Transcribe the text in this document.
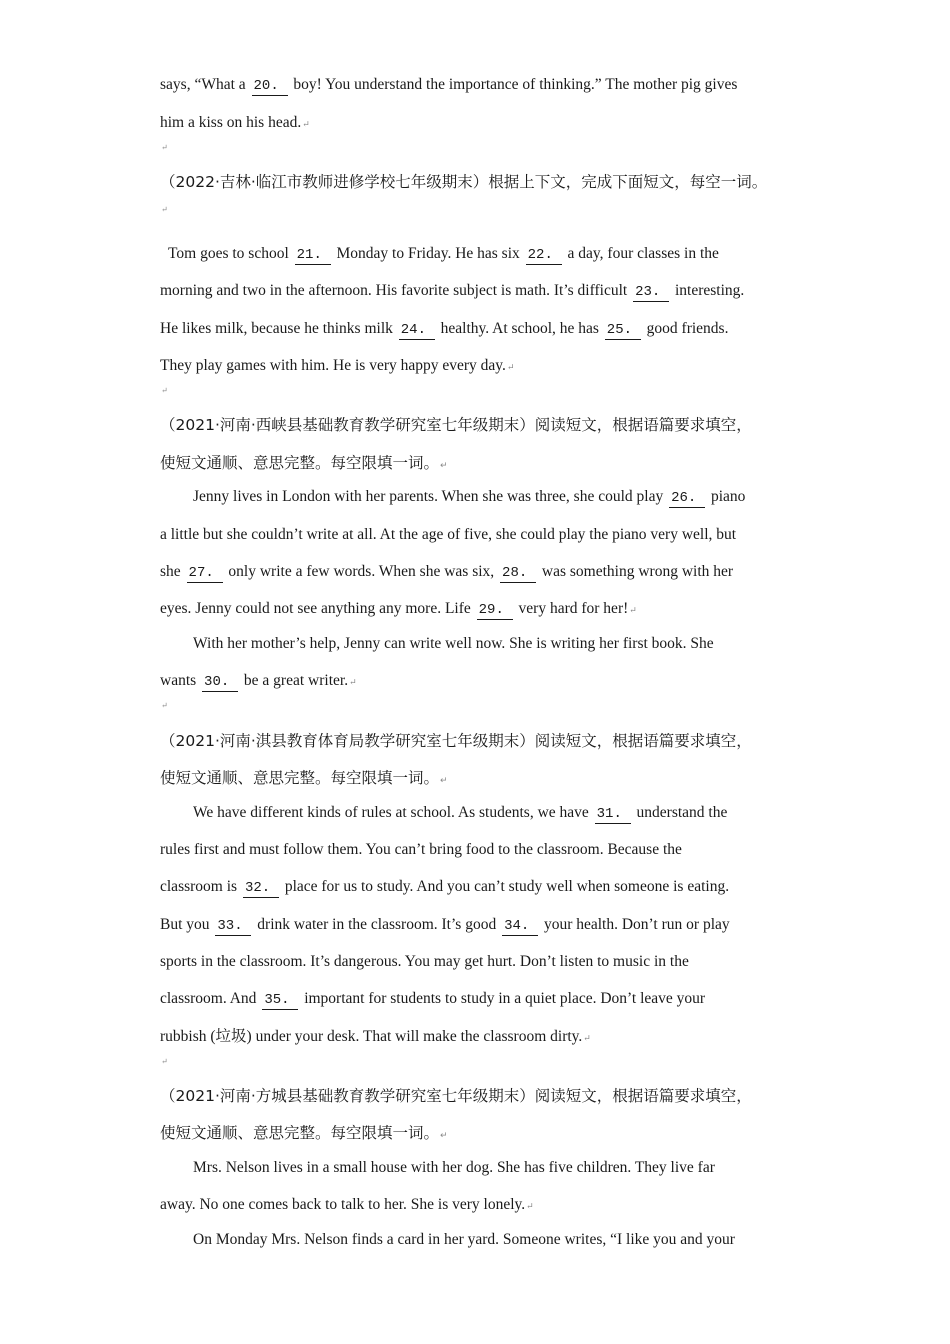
says, “What a 20. boy! You understand the importance of thinking.” The mother pig gives
him a kiss on his head.↵
↵
（2022·吉林·临江市教师进修学校七年级期末）根据上下文，完成下面短文，每空一词。
↵
Tom goes to school 21. Monday to Friday. He has six 22. a day, four classes in the
morning and two in the afternoon. His favorite subject is math. It’s difficult 23. interesting.
He likes milk, because he thinks milk 24. healthy. At school, he has 25. good friends.
They play games with him. He is very happy every day.↵
↵
（2021·河南·西峡县基础教育教学研究室七年级期末）阅读短文，根据语篇要求填空，
使短文通顺、意思完整。每空限填一词。↵
Jenny lives in London with her parents. When she was three, she could play 26. piano
a little but she couldn’t write at all. At the age of five, she could play the piano very well, but
she 27. only write a few words. When she was six, 28. was something wrong with her
eyes. Jenny could not see anything any more. Life 29. very hard for her!↵
With her mother’s help, Jenny can write well now. She is writing her first book. She
wants 30. be a great writer.↵
↵
（2021·河南·淇县教育体育局教学研究室七年级期末）阅读短文，根据语篇要求填空，
使短文通顺、意思完整。每空限填一词。↵
We have different kinds of rules at school. As students, we have 31. understand the
rules first and must follow them. You can’t bring food to the classroom. Because the
classroom is 32. place for us to study. And you can’t study well when someone is eating.
But you 33. drink water in the classroom. It’s good 34. your health. Don’t run or play
sports in the classroom. It’s dangerous. You may get hurt. Don’t listen to music in the
classroom. And 35. important for students to study in a quiet place. Don’t leave your
rubbish (垃圾) under your desk. That will make the classroom dirty.↵
↵
（2021·河南·方城县基础教育教学研究室七年级期末）阅读短文，根据语篇要求填空，
使短文通顺、意思完整。每空限填一词。↵
Mrs. Nelson lives in a small house with her dog. She has five children. They live far
away. No one comes back to talk to her. She is very lonely.↵
On Monday Mrs. Nelson finds a card in her yard. Someone writes, “I like you and your
